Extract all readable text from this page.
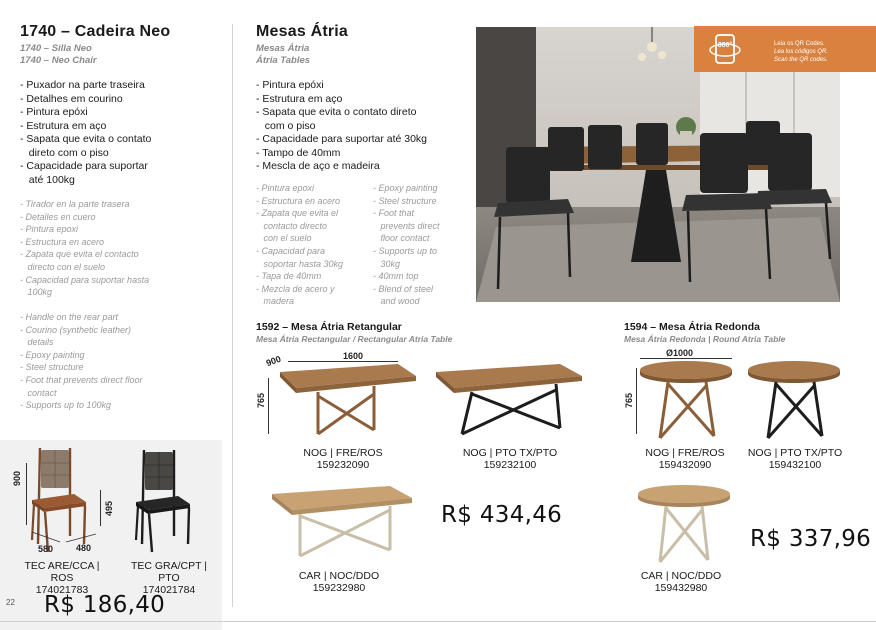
1740 – Cadeira Neo
1740 – Silla Neo
1740 – Neo Chair
- Puxador na parte traseira
- Detalhes em courino
- Pintura epóxi
- Estrutura em aço
- Sapata que evita o contato
direto com o piso
- Capacidade para suportar
até 100kg
- Tirador en la parte trasera
- Detalles en cuero
- Pintura epoxi
- Estructura en acero
- Zapata que evita el contacto
directo con el suelo
- Capacidad para suportar hasta
100kg
- Handle on the rear part
- Courino (synthetic leather)
details
- Epoxy painting
- Steel structure
- Foot that prevents direct floor
contact
- Supports up to 100kg
900
495
580	480
TEC ARE/CCA |
ROS
174021783
TEC GRA/CPT |
PTO
174021784
R$ 186,40
22
Mesas Átria
Mesas Átria
Átria Tables
- Pintura epóxi
- Estrutura em aço
- Sapata que evita o contato direto
com o piso
- Capacidade para suportar até 30kg
- Tampo de 40mm
- Mescla de aço e madeira
- Pintura epoxi
- Estructura en acero
- Zapata que evita el
contacto directo
con el suelo
- Capacidad para
soportar hasta 30kg
- Tapa de 40mm
- Mezcla de acero y
madera
- Epoxy painting
- Steel structure
- Foot that
prevents direct
floor contact
- Supports up to
30kg
- 40mm top
- Blend of steel
and wood
360°	Leia os QR Codes.
Lea los códigos QR.
Scan the QR codes.
1592 – Mesa Átria Retangular
Mesa Átria Rectangular / Rectangular Atria Table
900	1600
765
NOG | FRE/ROS
159232090
NOG | PTO TX/PTO
159232100
CAR | NOC/DDO
159232980
R$ 434,46
1594 – Mesa Átria Redonda
Mesa Átria Redonda | Round Atria Table
Ø1000
765
NOG | FRE/ROS
159432090
NOG | PTO TX/PTO
159432100
CAR | NOC/DDO
159432980
R$ 337,96
